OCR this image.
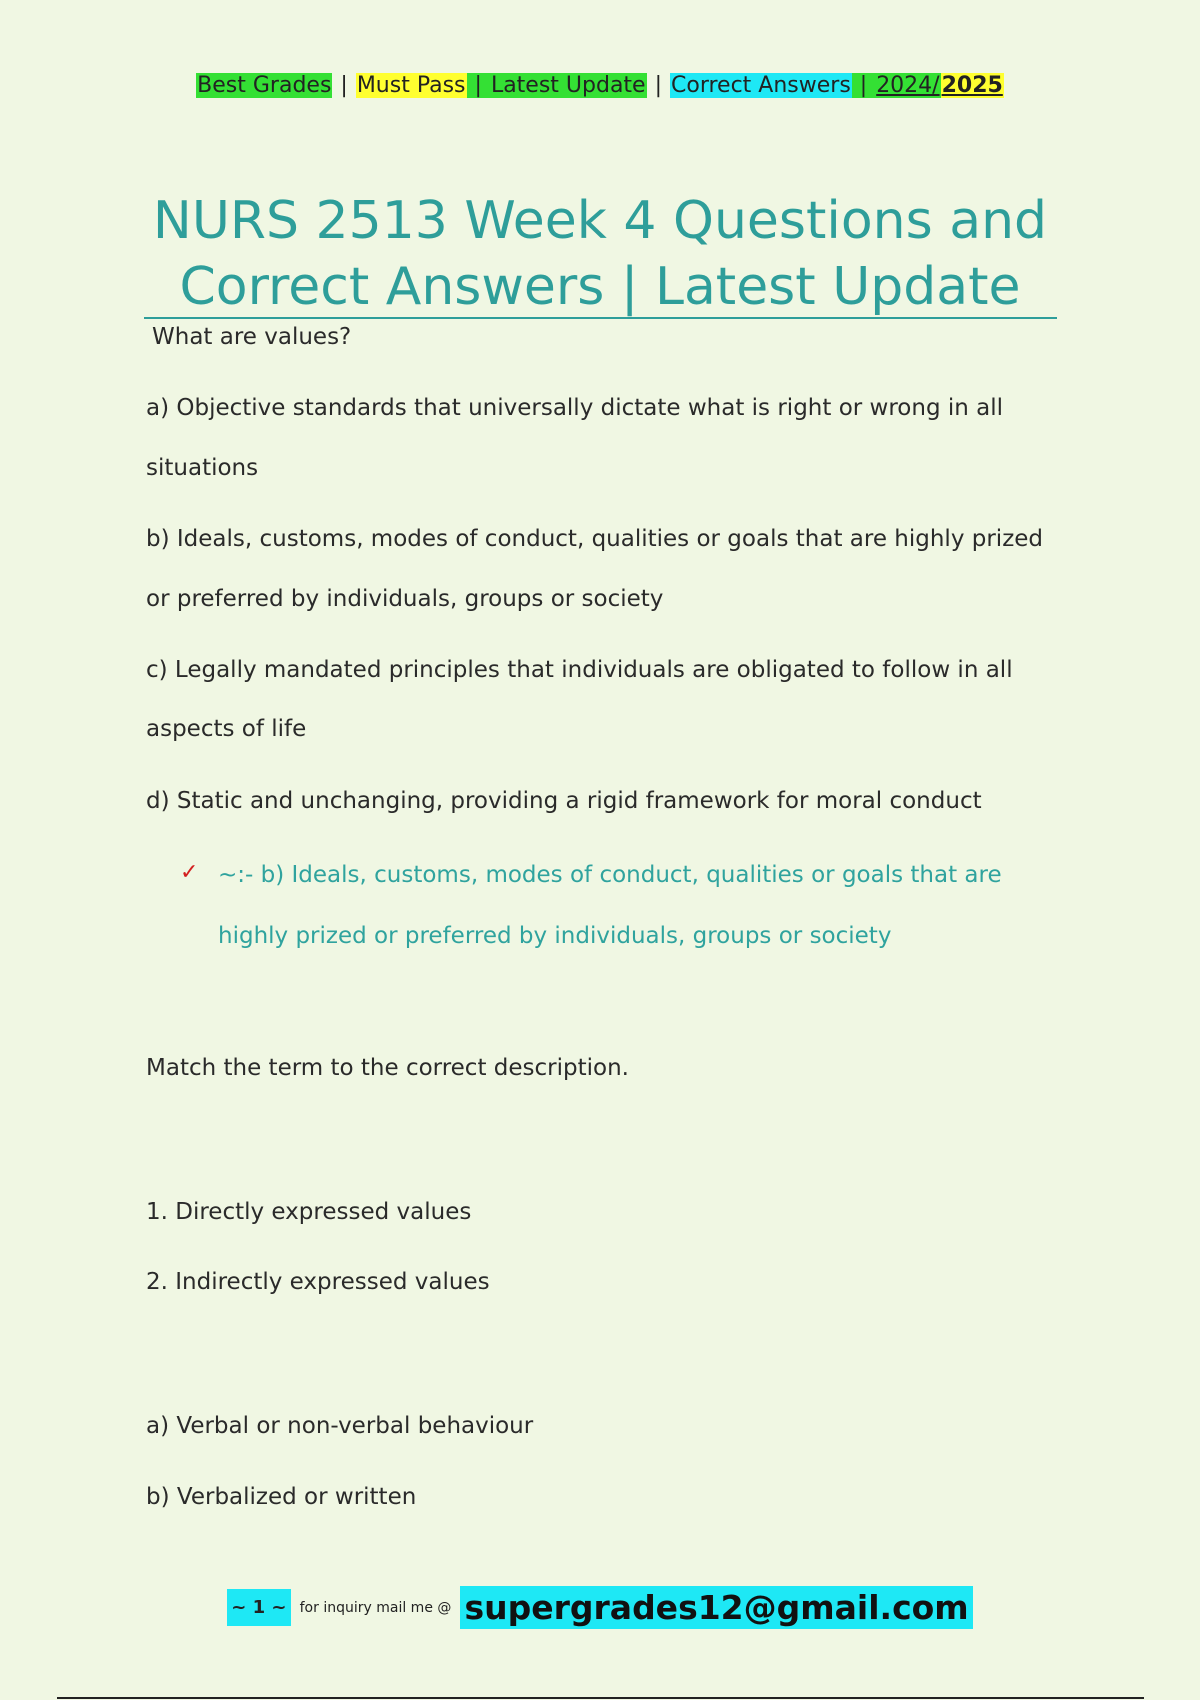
Best Grades | Must Pass | Latest Update | Correct Answers | 2024/2025
NURS 2513 Week 4 Questions and
Correct Answers | Latest Update
What are values?
a) Objective standards that universally dictate what is right or wrong in all
situations
b) Ideals, customs, modes of conduct, qualities or goals that are highly prized
or preferred by individuals, groups or society
c) Legally mandated principles that individuals are obligated to follow in all
aspects of life
d) Static and unchanging, providing a rigid framework for moral conduct
✓ ~:- b) Ideals, customs, modes of conduct, qualities or goals that are
highly prized or preferred by individuals, groups or society
Match the term to the correct description.
1. Directly expressed values
2. Indirectly expressed values
a) Verbal or non-verbal behaviour
b) Verbalized or written
~ 1 ~ for inquiry mail me @ supergrades12@gmail.com
